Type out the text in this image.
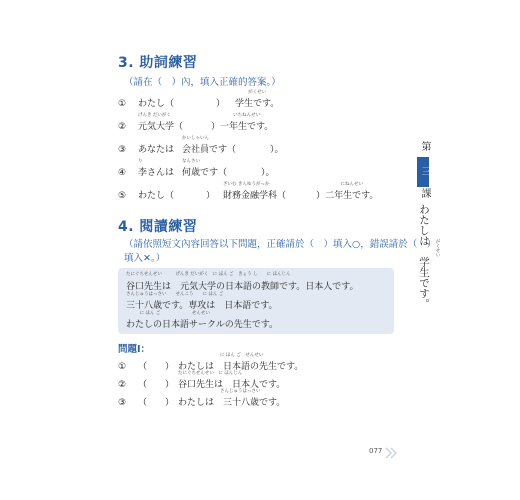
3. 助詞練習
（請在（　）內，填入正確的答案。）
①	わたし（	）
がくせい
学生です。
②
げんき だいがく
元気大学（	）
いちねんせい
一年生です。
③	あなたは
かいしゃいん
会社員です（	）。
④
り
李さんは
なんさい
何歳です（	）。
⑤	わたし（	）
ざいむ きんゆうがっか
財務金融学科（	）
にねんせい
二年生です。
4. 閱讀練習
（請依照短文內容回答以下問題，正確請於（　）填入○，錯誤請於（　）
填入✕。）
たにぐちせんせい　　　げんき だいがく　に ほん ご　きょう し　　に ほんじん
谷口先生は　元気大学の日本語の教師です。日本人です。
さんじゅうはっさい　　せんこう　　に ほん ご
三十八歳です。専攻は　日本語です。
　　　に ほん ご　　　　　　　せんせい
わたしの日本語サークルの先生です。
問題Ⅰ：
①	（　　）
に ほん ご　せんせい
わたしは　日本語の先生です。
②	（　　）
たにぐちせんせい　に ほんじん
谷口先生は　日本人です。
③	（　　）
さんじゅうはっさい
わたしは　三十八歳です。
第
三
課
わたしは　学生です。	がくせい
077
